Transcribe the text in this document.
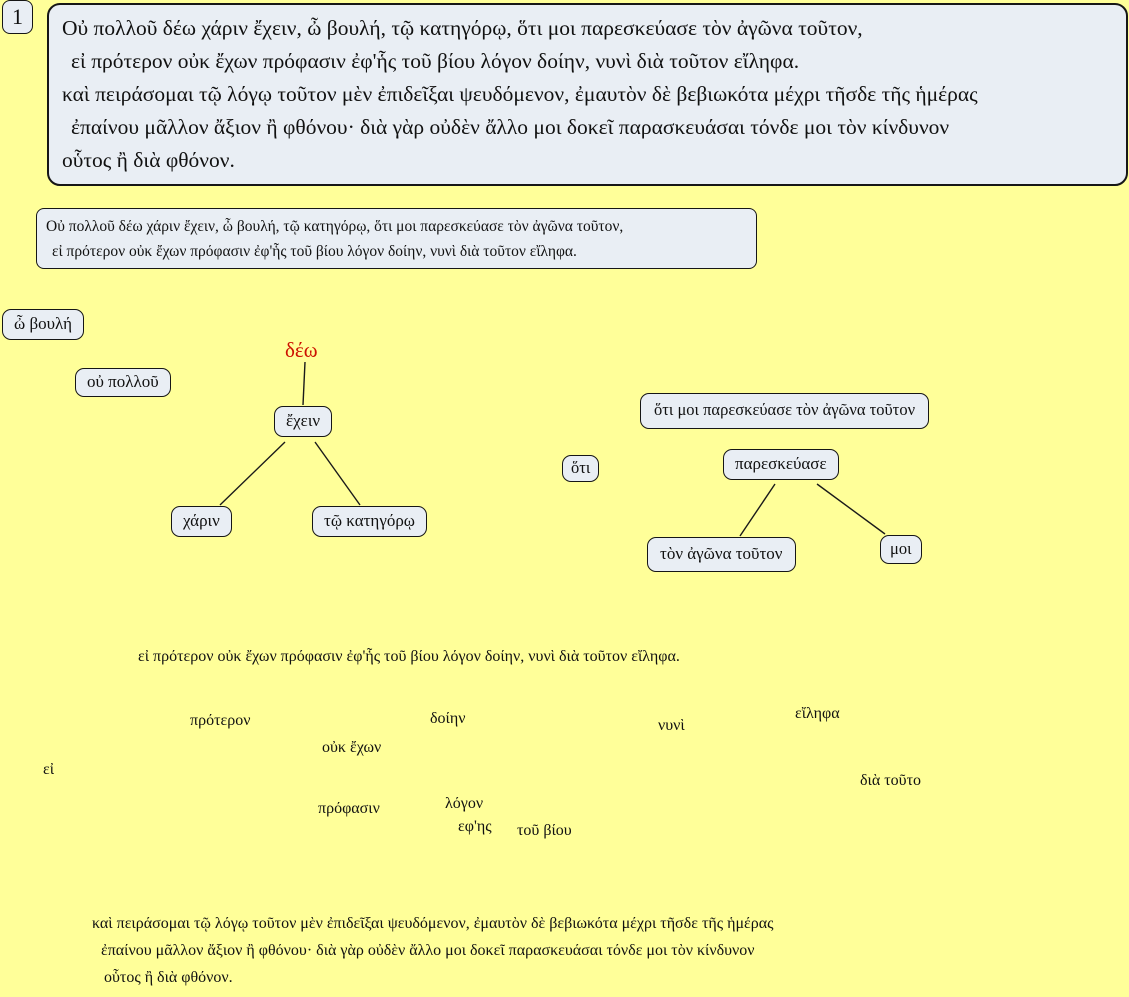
1 Οὐ πολλοῦ δέω χάριν ἔχειν, ὦ βουλή, τῷ κατηγόρῳ, ὅτι μοι παρεσκεύασε τὸν ἀγῶνα τοῦτον,
εἰ πρότερον οὐκ ἔχων πρόφασιν ἐφ'ἧς τοῦ βίου λόγον δοίην, νυνὶ διὰ τοῦτον εἴληφα.
καὶ πειράσομαι τῷ λόγῳ τοῦτον μὲν ἐπιδεῖξαι ψευδόμενον, ἐμαυτὸν δὲ βεβιωκότα μέχρι τῆσδε τῆς ἡμέρας
ἐπαίνου μᾶλλον ἄξιον ἢ φθόνου· διὰ γὰρ οὐδὲν ἄλλο μοι δοκεῖ παρασκευάσαι τόνδε μοι τὸν κίνδυνον
οὗτος ἢ διὰ φθόνον.
Οὐ πολλοῦ δέω χάριν ἔχειν, ὦ βουλή, τῷ κατηγόρῳ, ὅτι μοι παρεσκεύασε τὸν ἀγῶνα τοῦτον,
εἰ πρότερον οὐκ ἔχων πρόφασιν ἐφ'ἧς τοῦ βίου λόγον δοίην, νυνὶ διὰ τοῦτον εἴληφα.
ὦ βουλή
δέω
οὐ πολλοῦ
ἔχειν
χάριν	τῷ κατηγόρῳ
ὅτι μοι παρεσκεύασε τὸν ἀγῶνα τοῦτον
ὅτι	παρεσκεύασε
τὸν ἀγῶνα τοῦτον	μοι
εἰ πρότερον οὐκ ἔχων πρόφασιν ἐφ'ἧς τοῦ βίου λόγον δοίην, νυνὶ διὰ τοῦτον εἴληφα.
πρότερον	δοίην	νυνὶ
εἴληφα
οὐκ ἔχων
εἰ
διὰ τοῦτο
πρόφασιν	λόγον
εφ'ης τοῦ βίου
καὶ πειράσομαι τῷ λόγῳ τοῦτον μὲν ἐπιδεῖξαι ψευδόμενον, ἐμαυτὸν δὲ βεβιωκότα μέχρι τῆσδε τῆς ἡμέρας
ἐπαίνου μᾶλλον ἄξιον ἢ φθόνου· διὰ γὰρ οὐδὲν ἄλλο μοι δοκεῖ παρασκευάσαι τόνδε μοι τὸν κίνδυνον
οὗτος ἢ διὰ φθόνον.
